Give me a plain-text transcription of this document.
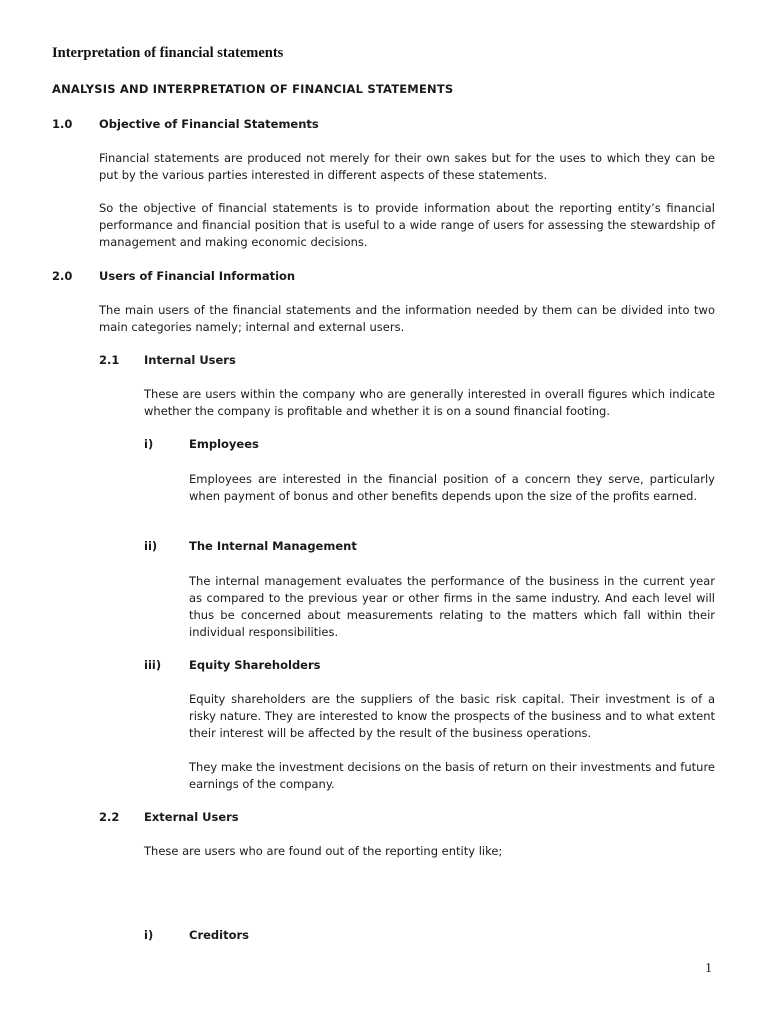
Interpretation of financial statements
ANALYSIS AND INTERPRETATION OF FINANCIAL STATEMENTS
1.0 Objective of Financial Statements

Financial statements are produced not merely for their own sakes but for the uses to which they can be put by the various parties interested in different aspects of these statements.

So the objective of financial statements is to provide information about the reporting entity’s financial performance and financial position that is useful to a wide range of users for assessing the stewardship of management and making economic decisions.

2.0 Users of Financial Information

The main users of the financial statements and the information needed by them can be divided into two main categories namely; internal and external users.

2.1 Internal Users

These are users within the company who are generally interested in overall figures which indicate whether the company is profitable and whether it is on a sound financial footing.

i)	Employees

Employees are interested in the financial position of a concern they serve, particularly when payment of bonus and other benefits depends upon the size of the profits earned.

ii)	The Internal Management

The internal management evaluates the performance of the business in the current year as compared to the previous year or other firms in the same industry. And each level will thus be concerned about measurements relating to the matters which fall within their individual responsibilities.

iii) Equity Shareholders

Equity shareholders are the suppliers of the basic risk capital. Their investment is of a risky nature. They are interested to know the prospects of the business and to what extent their interest will be affected by the result of the business operations.

They make the investment decisions on the basis of return on their investments and future earnings of the company.

2.2 External Users

These are users who are found out of the reporting entity like;

i)	Creditors
1
